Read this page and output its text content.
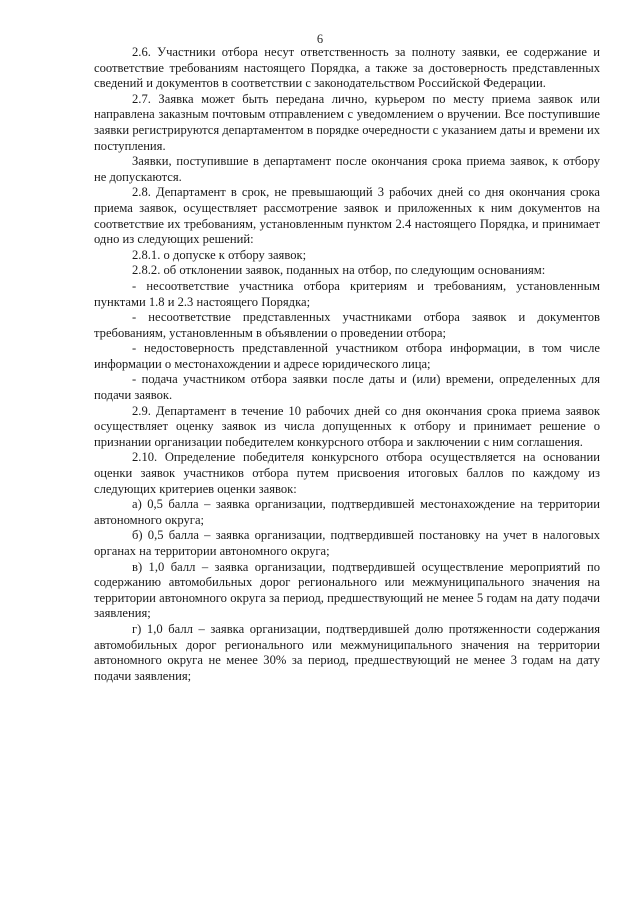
6

2.6. Участники отбора несут ответственность за полноту заявки, ее содержание и соответствие требованиям настоящего Порядка, а также за достоверность представленных сведений и документов в соответствии с законодательством Российской Федерации.

2.7. Заявка может быть передана лично, курьером по месту приема заявок или направлена заказным почтовым отправлением с уведомлением о вручении. Все поступившие заявки регистрируются департаментом в порядке очередности с указанием даты и времени их поступления.

Заявки, поступившие в департамент после окончания срока приема заявок, к отбору не допускаются.

2.8. Департамент в срок, не превышающий 3 рабочих дней со дня окончания срока приема заявок, осуществляет рассмотрение заявок и приложенных к ним документов на соответствие их требованиям, установленным пунктом 2.4 настоящего Порядка, и принимает одно из следующих решений:

2.8.1. о допуске к отбору заявок;

2.8.2. об отклонении заявок, поданных на отбор, по следующим основаниям:

- несоответствие участника отбора критериям и требованиям, установленным пунктами 1.8 и 2.3 настоящего Порядка;

- несоответствие представленных участниками отбора заявок и документов требованиям, установленным в объявлении о проведении отбора;

- недостоверность представленной участником отбора информации, в том числе информации о местонахождении и адресе юридического лица;

- подача участником отбора заявки после даты и (или) времени, определенных для подачи заявок.

2.9. Департамент в течение 10 рабочих дней со дня окончания срока приема заявок осуществляет оценку заявок из числа допущенных к отбору и принимает решение о признании организации победителем конкурсного отбора и заключении с ним соглашения.

2.10. Определение победителя конкурсного отбора осуществляется на основании оценки заявок участников отбора путем присвоения итоговых баллов по каждому из следующих критериев оценки заявок:

а) 0,5 балла – заявка организации, подтвердившей местонахождение на территории автономного округа;

б) 0,5 балла – заявка организации, подтвердившей постановку на учет в налоговых органах на территории автономного округа;

в) 1,0 балл – заявка организации, подтвердившей осуществление мероприятий по содержанию автомобильных дорог регионального или межмуниципального значения на территории автономного округа за период, предшествующий не менее 5 годам на дату подачи заявления;

г) 1,0 балл – заявка организации, подтвердившей долю протяженности содержания автомобильных дорог регионального или межмуниципального значения на территории автономного округа не менее 30% за период, предшествующий не менее 3 годам на дату подачи заявления;
